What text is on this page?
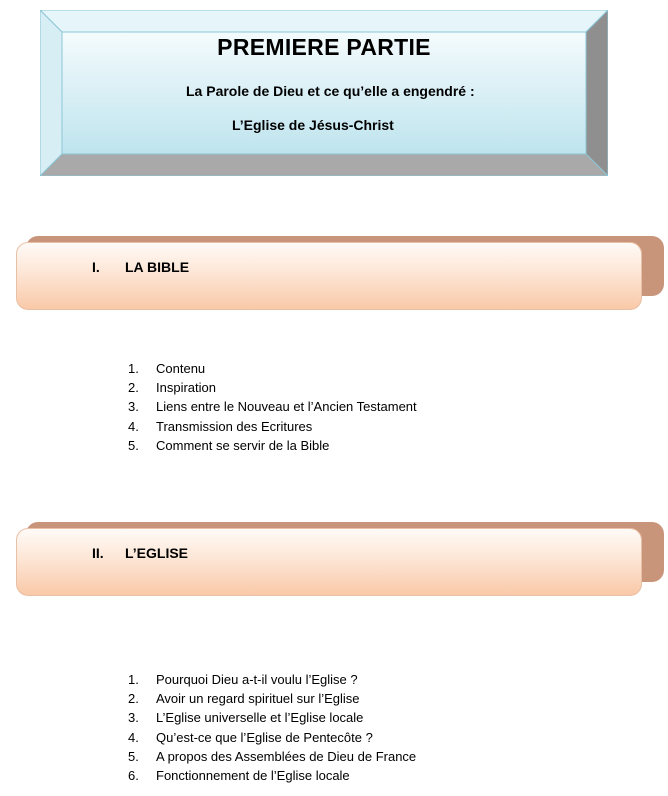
PREMIERE PARTIE
La Parole de Dieu et ce qu’elle a engendré :
L’Eglise de Jésus-Christ
I. LA BIBLE
1. Contenu
2. Inspiration
3. Liens entre le Nouveau et l’Ancien Testament
4. Transmission des Ecritures
5. Comment se servir de la Bible
II. L’EGLISE
1. Pourquoi Dieu a-t-il voulu l’Eglise ?
2. Avoir un regard spirituel sur l’Eglise
3. L’Eglise universelle et l’Eglise locale
4. Qu’est-ce que l’Eglise de Pentecôte ?
5. A propos des Assemblées de Dieu de France
6. Fonctionnement de l’Eglise locale
